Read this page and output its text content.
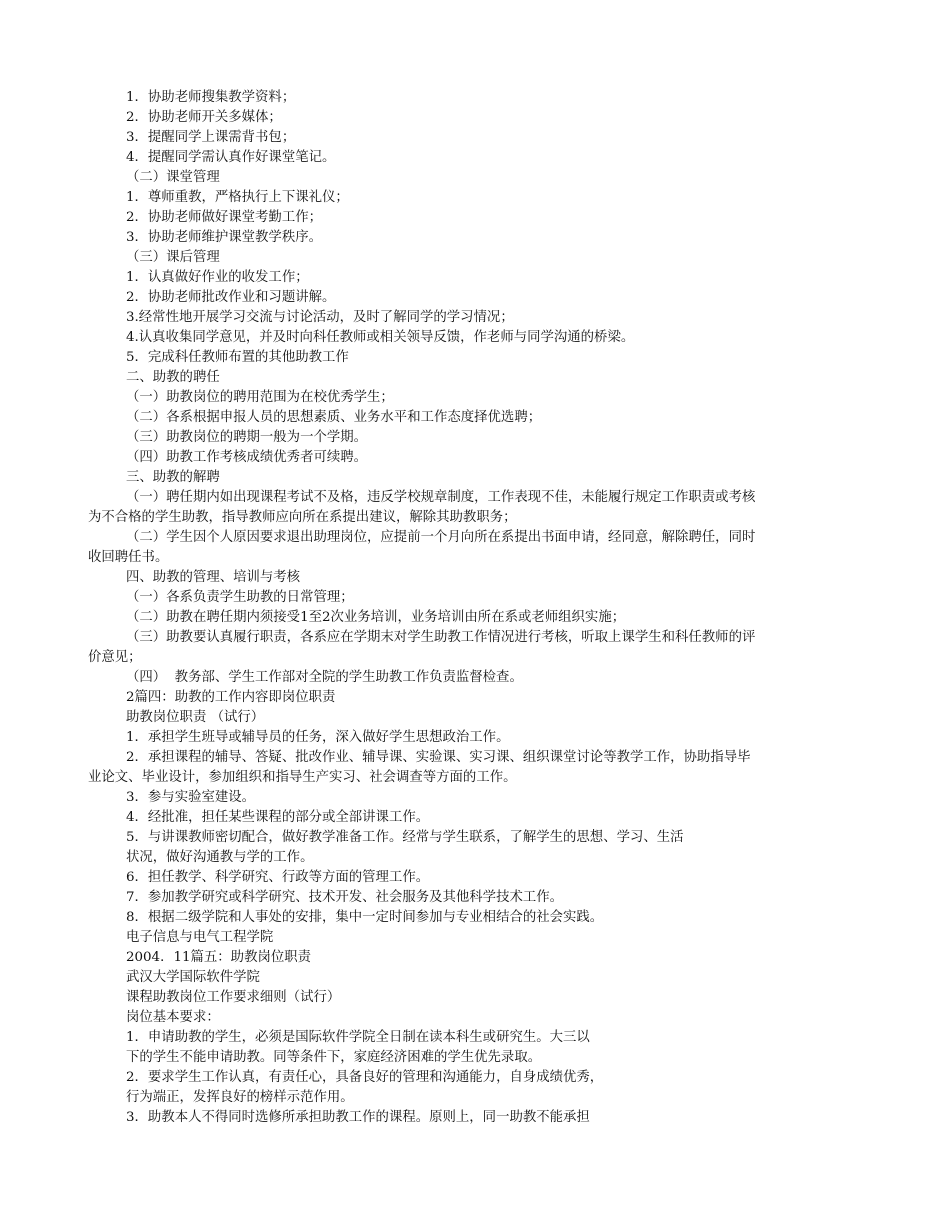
1．协助老师搜集教学资料；
2．协助老师开关多媒体；
3．提醒同学上课需背书包；
4．提醒同学需认真作好课堂笔记。
（二）课堂管理
1．尊师重教，严格执行上下课礼仪；
2．协助老师做好课堂考勤工作；
3．协助老师维护课堂教学秩序。
（三）课后管理
1．认真做好作业的收发工作；
2．协助老师批改作业和习题讲解。
3.经常性地开展学习交流与讨论活动，及时了解同学的学习情况；
4.认真收集同学意见，并及时向科任教师或相关领导反馈，作老师与同学沟通的桥梁。
5．完成科任教师布置的其他助教工作
二、助教的聘任
（一）助教岗位的聘用范围为在校优秀学生；
（二）各系根据申报人员的思想素质、业务水平和工作态度择优选聘；
（三）助教岗位的聘期一般为一个学期。
（四）助教工作考核成绩优秀者可续聘。
三、助教的解聘
（一）聘任期内如出现课程考试不及格，违反学校规章制度，工作表现不佳，未能履行规定工作职责或考核
为不合格的学生助教，指导教师应向所在系提出建议，解除其助教职务；
（二）学生因个人原因要求退出助理岗位，应提前一个月向所在系提出书面申请，经同意，解除聘任，同时
收回聘任书。
四、助教的管理、培训与考核
（一）各系负责学生助教的日常管理；
（二）助教在聘任期内须接受1至2次业务培训，业务培训由所在系或老师组织实施；
（三）助教要认真履行职责，各系应在学期末对学生助教工作情况进行考核，听取上课学生和科任教师的评
价意见；
（四）  教务部、学生工作部对全院的学生助教工作负责监督检查。
2篇四：助教的工作内容即岗位职责
助教岗位职责 （试行）
1．承担学生班导或辅导员的任务，深入做好学生思想政治工作。
2．承担课程的辅导、答疑、批改作业、辅导课、实验课、实习课、组织课堂讨论等教学工作，协助指导毕
业论文、毕业设计，参加组织和指导生产实习、社会调查等方面的工作。
3．参与实验室建设。
4．经批准，担任某些课程的部分或全部讲课工作。
5．与讲课教师密切配合，做好教学准备工作。经常与学生联系，了解学生的思想、学习、生活
状况，做好沟通教与学的工作。
6．担任教学、科学研究、行政等方面的管理工作。
7．参加教学研究或科学研究、技术开发、社会服务及其他科学技术工作。
8．根据二级学院和人事处的安排，集中一定时间参加与专业相结合的社会实践。
电子信息与电气工程学院
2004．11篇五：助教岗位职责
武汉大学国际软件学院
课程助教岗位工作要求细则（试行）
岗位基本要求：
1．申请助教的学生，必须是国际软件学院全日制在读本科生或研究生。大三以
下的学生不能申请助教。同等条件下，家庭经济困难的学生优先录取。
2．要求学生工作认真，有责任心，具备良好的管理和沟通能力，自身成绩优秀，
行为端正，发挥良好的榜样示范作用。
3．助教本人不得同时选修所承担助教工作的课程。原则上，同一助教不能承担
